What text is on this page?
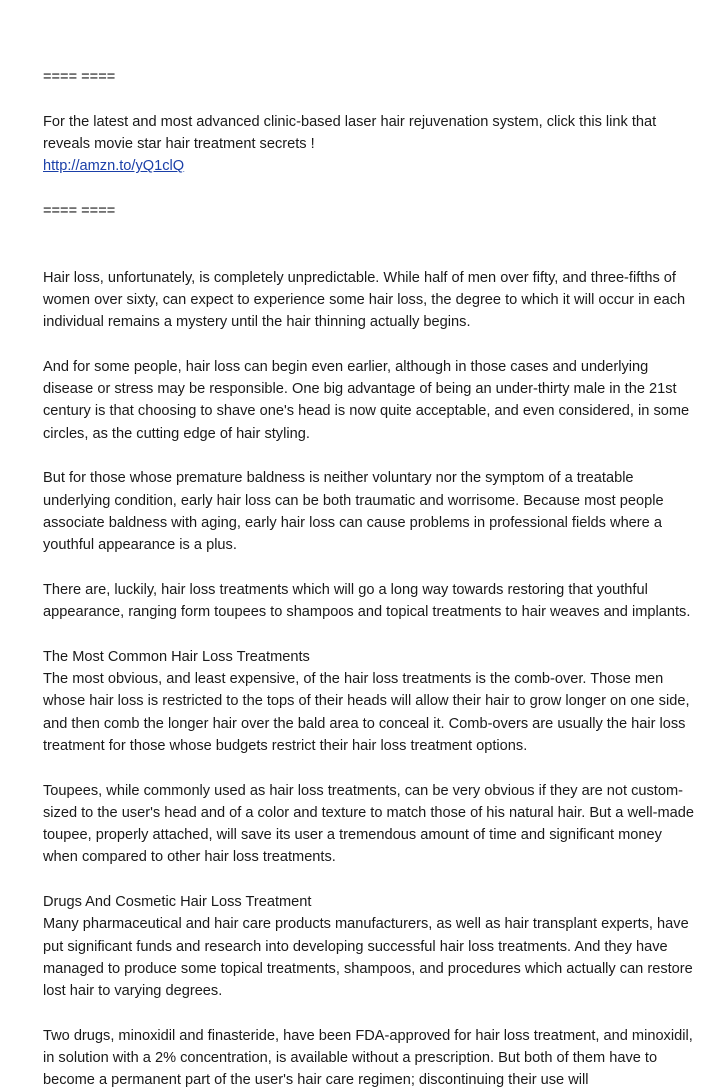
==== ====

For the latest and most advanced clinic-based laser hair rejuvenation system, click this link that reveals movie star hair treatment secrets !

http://amzn.to/yQ1clQ

==== ====

Hair loss, unfortunately, is completely unpredictable. While half of men over fifty, and three-fifths of women over sixty, can expect to experience some hair loss, the degree to which it will occur in each individual remains a mystery until the hair thinning actually begins.

And for some people, hair loss can begin even earlier, although in those cases and underlying disease or stress may be responsible. One big advantage of being an under-thirty male in the 21st century is that choosing to shave one's head is now quite acceptable, and even considered, in some circles, as the cutting edge of hair styling.

But for those whose premature baldness is neither voluntary nor the symptom of a treatable underlying condition, early hair loss can be both traumatic and worrisome. Because most people associate baldness with aging, early hair loss can cause problems in professional fields where a youthful appearance is a plus.

There are, luckily, hair loss treatments which will go a long way towards restoring that youthful appearance, ranging form toupees to shampoos and topical treatments to hair weaves and implants.

The Most Common Hair Loss Treatments

The most obvious, and least expensive, of the hair loss treatments is the comb-over. Those men whose hair loss is restricted to the tops of their heads will allow their hair to grow longer on one side, and then comb the longer hair over the bald area to conceal it. Comb-overs are usually the hair loss treatment for those whose budgets restrict their hair loss treatment options.

Toupees, while commonly used as hair loss treatments, can be very obvious if they are not custom-sized to the user's head and of a color and texture to match those of his natural hair. But a well-made toupee, properly attached, will save its user a tremendous amount of time and significant money when compared to other hair loss treatments.

Drugs And Cosmetic Hair Loss Treatment

Many pharmaceutical and hair care products manufacturers, as well as hair transplant experts, have put significant funds and research into developing successful hair loss treatments. And they have managed to produce some topical treatments, shampoos, and procedures which actually can restore lost hair to varying degrees.

Two drugs, minoxidil and finasteride, have been FDA-approved for hair loss treatment, and minoxidil, in solution with a 2% concentration, is available without a prescription. But both of them have to become a permanent part of the user's hair care regimen; discontinuing their use will
